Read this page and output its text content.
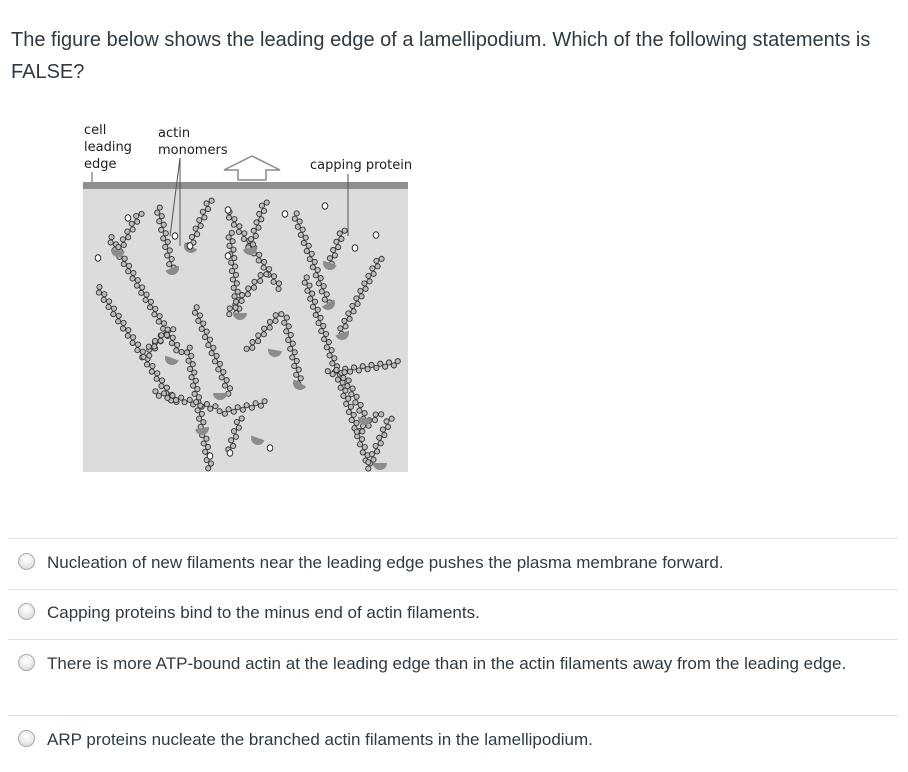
The figure below shows the leading edge of a lamellipodium. Which of the following statements is FALSE?
cell
leading
edge
actin
monomers
capping protein
Nucleation of new filaments near the leading edge pushes the plasma membrane forward.
Capping proteins bind to the minus end of actin filaments.
There is more ATP-bound actin at the leading edge than in the actin filaments away from the leading edge.
ARP proteins nucleate the branched actin filaments in the lamellipodium.
